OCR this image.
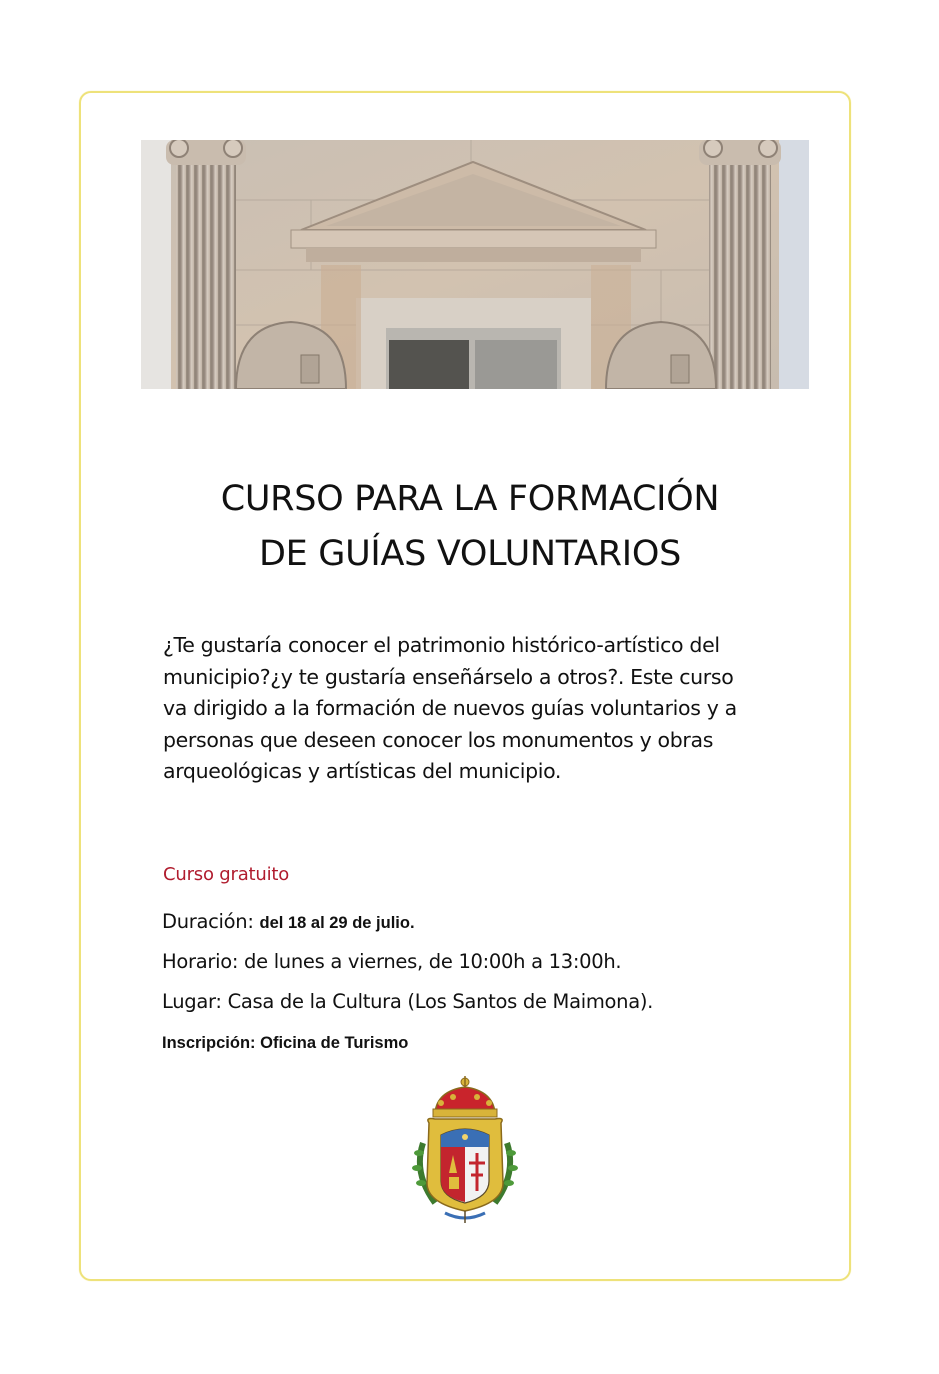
CURSO PARA LA FORMACIÓN
DE GUÍAS VOLUNTARIOS
¿Te gustaría conocer el patrimonio histórico-artístico del
municipio?¿y te gustaría enseñárselo a otros?. Este curso
va dirigido a la formación de nuevos guías voluntarios y a
personas que deseen conocer los monumentos y obras
arqueológicas y artísticas del municipio.
Curso gratuito
Duración: del 18 al 29 de julio.
Horario: de lunes a viernes, de 10:00h a 13:00h.
Lugar: Casa de la Cultura (Los Santos de Maimona).
Inscripción: Oficina de Turismo
